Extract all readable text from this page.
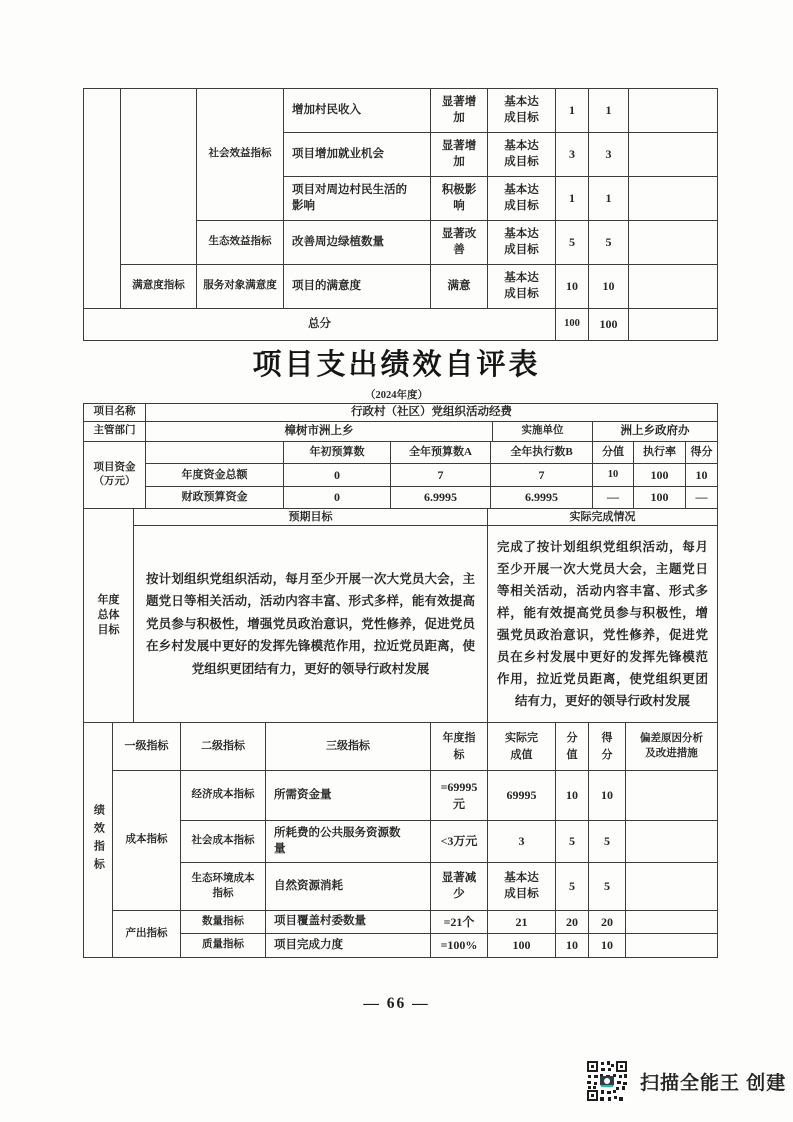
		社会效益指标	增加村民收入	显著增加	基本达成目标	1	1	
			项目增加就业机会	显著增加	基本达成目标	3	3	
			项目对周边村民生活的影响	积极影响	基本达成目标	1	1	
		生态效益指标	改善周边绿植数量	显著改善	基本达成目标	5	5	
	满意度指标	服务对象满意度	项目的满意度	满意	基本达成目标	10	10	
总分						100	100	
项目支出绩效自评表
（2024年度）
项目名称	行政村（社区）党组织活动经费		
主管部门	樟树市洲上乡	实施单位	洲上乡政府办
项目资金（万元）		年初预算数	全年预算数A	全年执行数B	分值	执行率	得分
	年度资金总额	0	7	7	10	100	10
	财政预算资金	0	6.9995	6.9995	—	100	—
年度总体目标	预期目标	实际完成情况
	按计划组织党组织活动，每月至少开展一次大党员大会，主题党日等相关活动，活动内容丰富、形式多样，能有效提高党员参与积极性，增强党员政治意识，党性修养，促进党员在乡村发展中更好的发挥先锋模范作用，拉近党员距离，使党组织更团结有力，更好的领导行政村发展	完成了按计划组织党组织活动，每月至少开展一次大党员大会，主题党日等相关活动，活动内容丰富、形式多样，能有效提高党员参与积极性，增强党员政治意识，党性修养，促进党员在乡村发展中更好的发挥先锋模范作用，拉近党员距离，使党组织更团结有力，更好的领导行政村发展
绩效指标	一级指标	二级指标	三级指标	年度指标	实际完成值	分值	得分	偏差原因分析及改进措施
	成本指标	经济成本指标	所需资金量	=69995元	69995	10	10	
		社会成本指标	所耗费的公共服务资源数量	<3万元	3	5	5	
		生态环境成本指标	自然资源消耗	显著减少	基本达成目标	5	5	
	产出指标	数量指标	项目覆盖村委数量	=21个	21	20	20	
		质量指标	项目完成力度	=100%	100	10	10	
— 66 —
扫描全能王 创建
